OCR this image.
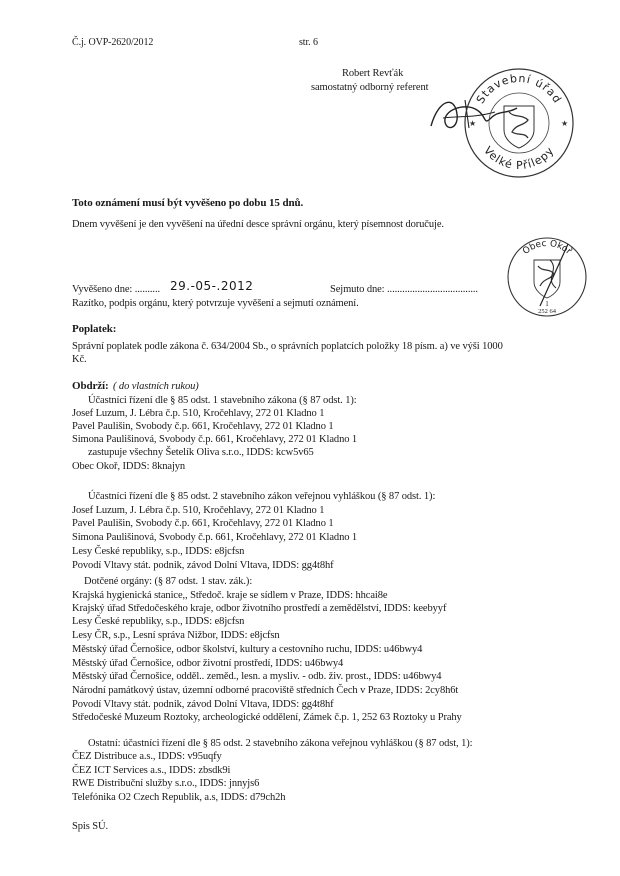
Č.j. OVP-2620/2012	str. 6
Robert Revťák
samostatný odborný referent
Stavební úřad
Velké Přílepy
★	★
Toto oznámení musí být vyvěšeno po dobu 15 dnů.
Dnem vyvěšení je den vyvěšení na úřední desce správní orgánu, který písemnost doručuje.
Obec Okoř
1
252 64
Vyvěšeno dne: .......... 29.-05-.2012	Sejmuto dne: ....................................
Razítko, podpis orgánu, který potvrzuje vyvěšení a sejmutí oznámení.
Poplatek:
Správní poplatek podle zákona č. 634/2004 Sb., o správních poplatcích položky 18 písm. a) ve výši 1000
Kč.
Obdrží: ( do vlastních rukou)
Účastníci řízení dle § 85 odst. 1 stavebního zákona (§ 87 odst. 1):
Josef Luzum, J. Lébra č.p. 510, Kročehlavy, 272 01 Kladno 1
Pavel Paulišin, Svobody č.p. 661, Kročehlavy, 272 01 Kladno 1
Simona Paulišinová, Svobody č.p. 661, Kročehlavy, 272 01 Kladno 1
zastupuje všechny Šetelík Oliva s.r.o., IDDS: kcw5v65
Obec Okoř, IDDS: 8knajyn
Účastníci řízení dle § 85 odst. 2 stavebního zákon veřejnou vyhláškou (§ 87 odst. 1):
Josef Luzum, J. Lébra č.p. 510, Kročehlavy, 272 01 Kladno 1
Pavel Paulišin, Svobody č.p. 661, Kročehlavy, 272 01 Kladno 1
Simona Paulišinová, Svobody č.p. 661, Kročehlavy, 272 01 Kladno 1
Lesy České republiky, s.p., IDDS: e8jcfsn
Povodí Vltavy stát. podnik, závod Dolní Vltava, IDDS: gg4t8hf
Dotčené orgány: (§ 87 odst. 1 stav. zák.):
Krajská hygienická stanice,, Středoč. kraje se sídlem v Praze, IDDS: hhcai8e
Krajský úřad Středočeského kraje, odbor životního prostředí a zemědělství, IDDS: keebyyf
Lesy České republiky, s.p., IDDS: e8jcfsn
Lesy ČR, s.p., Lesní správa Nižbor, IDDS: e8jcfsn
Městský úřad Černošice, odbor školství, kultury a cestovního ruchu, IDDS: u46bwy4
Městský úřad Černošice, odbor životní prostředí, IDDS: u46bwy4
Městský úřad Černošice, odděl.. zeměd., lesn. a mysliv. - odb. živ. prost., IDDS: u46bwy4
Národní památkový ústav, územní odborné pracoviště středních Čech v Praze, IDDS: 2cy8h6t
Povodí Vltavy stát. podnik, závod Dolní Vltava, IDDS: gg4t8hf
Středočeské Muzeum Roztoky, archeologické oddělení, Zámek č.p. 1, 252 63 Roztoky u Prahy
Ostatní: účastníci řízení dle § 85 odst. 2 stavebního zákona veřejnou vyhláškou (§ 87 odst, 1):
ČEZ Distribuce a.s., IDDS: v95uqfy
ČEZ ICT Services a.s., IDDS: zbsdk9i
RWE Distribuční služby s.r.o., IDDS: jnnyjs6
Telefónika O2 Czech Republik, a.s, IDDS: d79ch2h
Spis SÚ.
